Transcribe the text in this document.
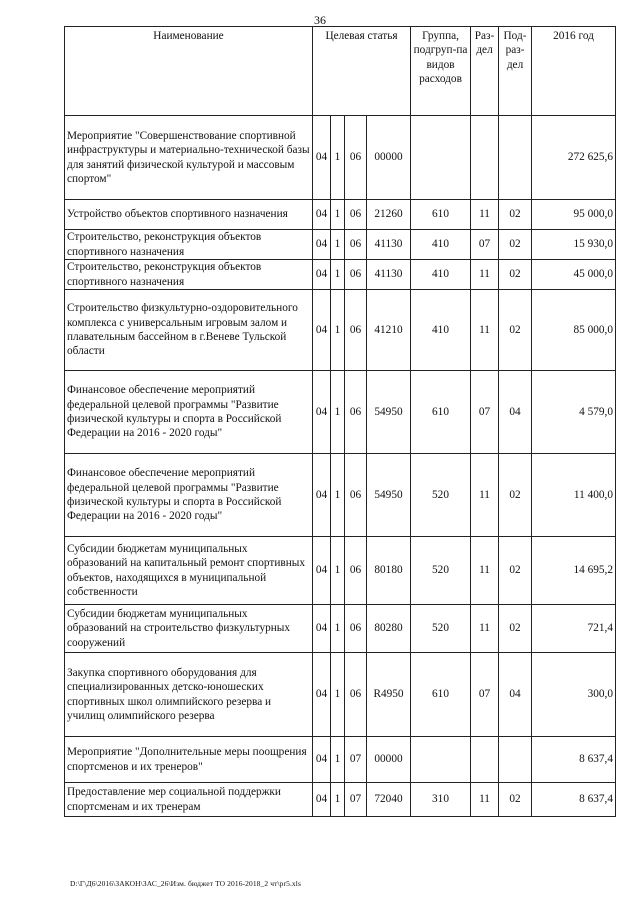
36
Наименование	Целевая статья				Группа, подгруп-па видов расходов	Раз-дел	Под-раз-дел	2016 год
Мероприятие "Совершенствование спортивной инфраструктуры и материально-технической базы для занятий физической культурой и массовым спортом"	04	1	06	00000				272 625,6
Устройство объектов спортивного назначения	04	1	06	21260	610	11	02	95 000,0
Строительство, реконструкция объектов спортивного назначения	04	1	06	41130	410	07	02	15 930,0
Строительство, реконструкция объектов спортивного назначения	04	1	06	41130	410	11	02	45 000,0
Строительство физкультурно-оздоровительного комплекса с универсальным игровым залом и плавательным бассейном в г.Веневе Тульской области	04	1	06	41210	410	11	02	85 000,0
Финансовое обеспечение мероприятий федеральной целевой программы "Развитие физической культуры и спорта в Российской Федерации на 2016 - 2020 годы"	04	1	06	54950	610	07	04	4 579,0
Финансовое обеспечение мероприятий федеральной целевой программы "Развитие физической культуры и спорта в Российской Федерации на 2016 - 2020 годы"	04	1	06	54950	520	11	02	11 400,0
Субсидии бюджетам муниципальных образований на капитальный ремонт спортивных объектов, находящихся в муниципальной собственности	04	1	06	80180	520	11	02	14 695,2
Субсидии бюджетам муниципальных образований на строительство физкультурных сооружений	04	1	06	80280	520	11	02	721,4
Закупка спортивного оборудования для специализированных детско-юношеских спортивных школ олимпийского резерва и училищ олимпийского резерва	04	1	06	R4950	610	07	04	300,0
Мероприятие "Дополнительные меры поощрения спортсменов и их тренеров"	04	1	07	00000				8 637,4
Предоставление мер социальной поддержки спортсменам и их тренерам	04	1	07	72040	310	11	02	8 637,4
D:\Г\Д6\2016\ЗАКОН\ЗАС_26\Изм. бюджет ТО 2016-2018_2 чт\pr5.xls
